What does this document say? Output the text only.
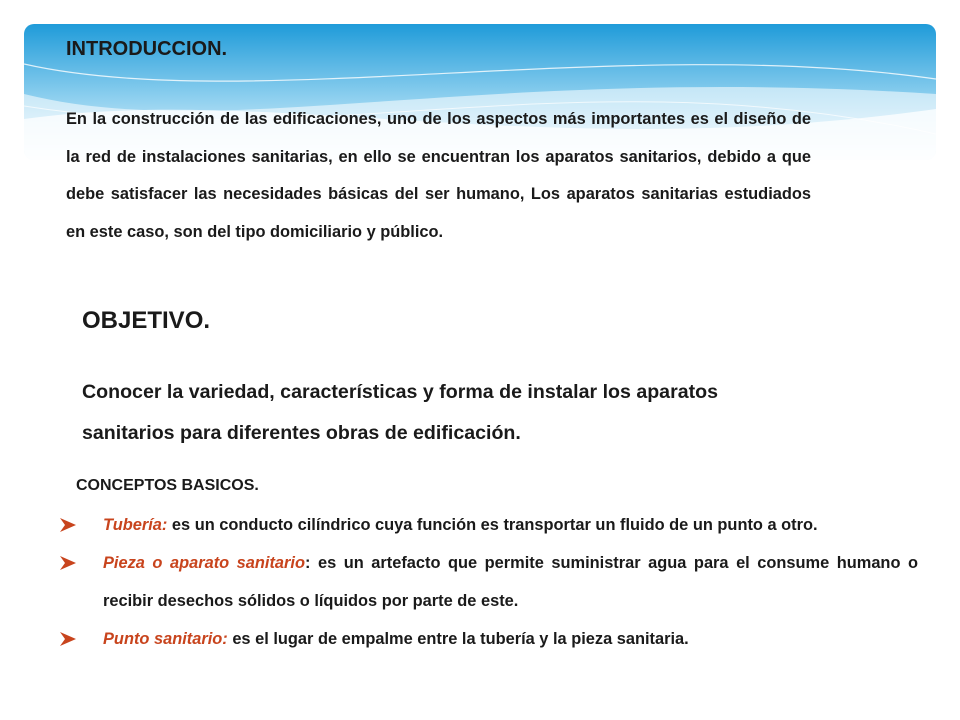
INTRODUCCION.

En la construcción de las edificaciones, uno de los aspectos más importantes es el diseño de la red de instalaciones sanitarias, en ello se encuentran los aparatos sanitarios, debido a que debe satisfacer las necesidades básicas del ser humano, Los aparatos sanitarias estudiados en este caso, son del tipo domiciliario y público.

OBJETIVO.

Conocer la variedad, características y forma de instalar los aparatos sanitarios para diferentes obras de edificación.

CONCEPTOS BASICOS.
Tubería: es un conducto cilíndrico cuya función es transportar un fluido de un punto a otro.
Pieza o aparato sanitario: es un artefacto que permite suministrar agua para el consume humano o recibir desechos sólidos o líquidos por parte de este.
Punto sanitario: es el lugar de empalme entre la tubería y la pieza sanitaria.
